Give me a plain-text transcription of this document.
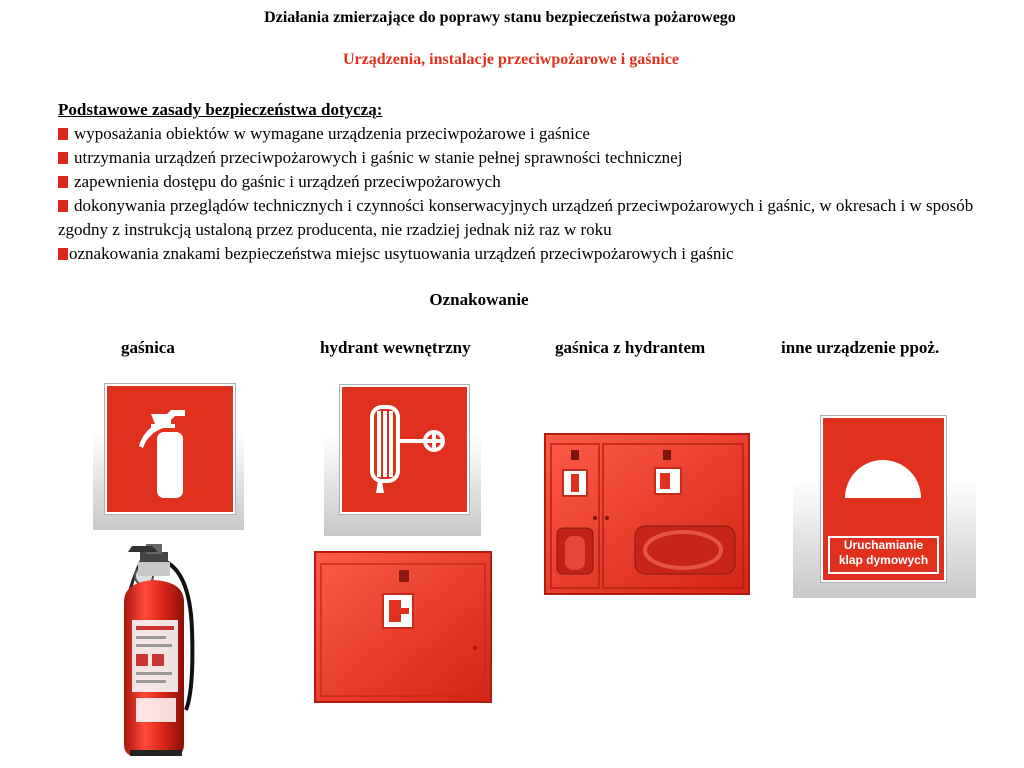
Działania zmierzające do poprawy stanu bezpieczeństwa pożarowego
Urządzenia, instalacje przeciwpożarowe i gaśnice
Podstawowe zasady bezpieczeństwa dotyczą:
wyposażania obiektów w wymagane urządzenia przeciwpożarowe i gaśnice
utrzymania urządzeń przeciwpożarowych i gaśnic w stanie pełnej sprawności technicznej
zapewnienia dostępu do gaśnic i urządzeń przeciwpożarowych
dokonywania przeglądów technicznych i czynności konserwacyjnych urządzeń przeciwpożarowych i gaśnic, w okresach i w sposób zgodny z instrukcją ustaloną przez producenta, nie rzadziej jednak niż raz w roku
oznakowania znakami bezpieczeństwa miejsc usytuowania urządzeń przeciwpożarowych i gaśnic
Oznakowanie
gaśnica	hydrant wewnętrzny	gaśnica z hydrantem	inne urządzenie ppoż.
Uruchamianie
klap dymowych
